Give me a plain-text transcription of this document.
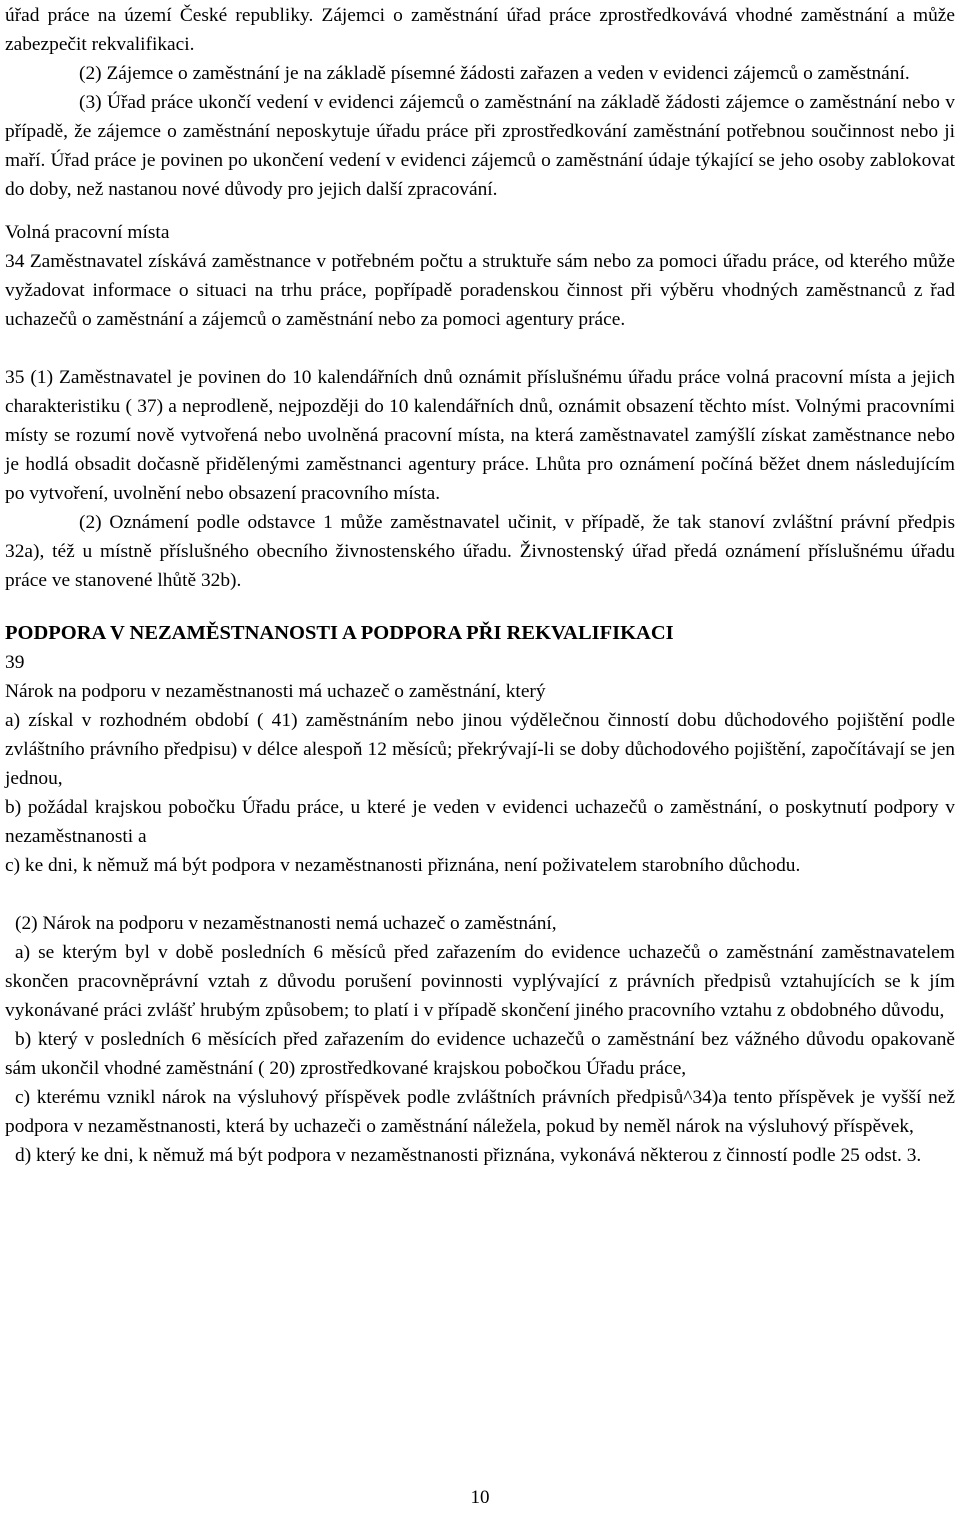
úřad práce na území České republiky. Zájemci o zaměstnání úřad práce zprostředkovává vhodné zaměstnání a může zabezpečit rekvalifikaci.

(2) Zájemce o zaměstnání je na základě písemné žádosti zařazen a veden v evidenci zájemců o zaměstnání.

(3) Úřad práce ukončí vedení v evidenci zájemců o zaměstnání na základě žádosti zájemce o zaměstnání nebo v případě, že zájemce o zaměstnání neposkytuje úřadu práce při zprostředkování zaměstnání potřebnou součinnost nebo ji maří. Úřad práce je povinen po ukončení vedení v evidenci zájemců o zaměstnání údaje týkající se jeho osoby zablokovat do doby, než nastanou nové důvody pro jejich další zpracování.

Volná pracovní místa

34 Zaměstnavatel získává zaměstnance v potřebném počtu a struktuře sám nebo za pomoci úřadu práce, od kterého může vyžadovat informace o situaci na trhu práce, popřípadě poradenskou činnost při výběru vhodných zaměstnanců z řad uchazečů o zaměstnání a zájemců o zaměstnání nebo za pomoci agentury práce.

35 (1) Zaměstnavatel je povinen do 10 kalendářních dnů oznámit příslušnému úřadu práce volná pracovní místa a jejich charakteristiku ( 37) a neprodleně, nejpozději do 10 kalendářních dnů, oznámit obsazení těchto míst. Volnými pracovními místy se rozumí nově vytvořená nebo uvolněná pracovní místa, na která zaměstnavatel zamýšlí získat zaměstnance nebo je hodlá obsadit dočasně přidělenými zaměstnanci agentury práce. Lhůta pro oznámení počíná běžet dnem následujícím po vytvoření, uvolnění nebo obsazení pracovního místa.

(2) Oznámení podle odstavce 1 může zaměstnavatel učinit, v případě, že tak stanoví zvláštní právní předpis 32a), též u místně příslušného obecního živnostenského úřadu. Živnostenský úřad předá oznámení příslušnému úřadu práce ve stanovené lhůtě 32b).

PODPORA V NEZAMĚSTNANOSTI A PODPORA PŘI REKVALIFIKACI

39

Nárok na podporu v nezaměstnanosti má uchazeč o zaměstnání, který

a) získal v rozhodném období ( 41) zaměstnáním nebo jinou výdělečnou činností dobu důchodového pojištění podle zvláštního právního předpisu) v délce alespoň 12 měsíců; překrývají-li se doby důchodového pojištění, započítávají se jen jednou,

b) požádal krajskou pobočku Úřadu práce, u které je veden v evidenci uchazečů o zaměstnání, o poskytnutí podpory v nezaměstnanosti a

c) ke dni, k němuž má být podpora v nezaměstnanosti přiznána, není poživatelem starobního důchodu.

(2) Nárok na podporu v nezaměstnanosti nemá uchazeč o zaměstnání,

a) se kterým byl v době posledních 6 měsíců před zařazením do evidence uchazečů o zaměstnání zaměstnavatelem skončen pracovněprávní vztah z důvodu porušení povinnosti vyplývající z právních předpisů vztahujících se k jím vykonávané práci zvlášť hrubým způsobem; to platí i v případě skončení jiného pracovního vztahu z obdobného důvodu,

b) který v posledních 6 měsících před zařazením do evidence uchazečů o zaměstnání bez vážného důvodu opakovaně sám ukončil vhodné zaměstnání ( 20) zprostředkované krajskou pobočkou Úřadu práce,

c) kterému vznikl nárok na výsluhový příspěvek podle zvláštních právních předpisů^34)a tento příspěvek je vyšší než podpora v nezaměstnanosti, která by uchazeči o zaměstnání náležela, pokud by neměl nárok na výsluhový příspěvek,

d) který ke dni, k němuž má být podpora v nezaměstnanosti přiznána, vykonává některou z činností podle 25 odst. 3.

10
